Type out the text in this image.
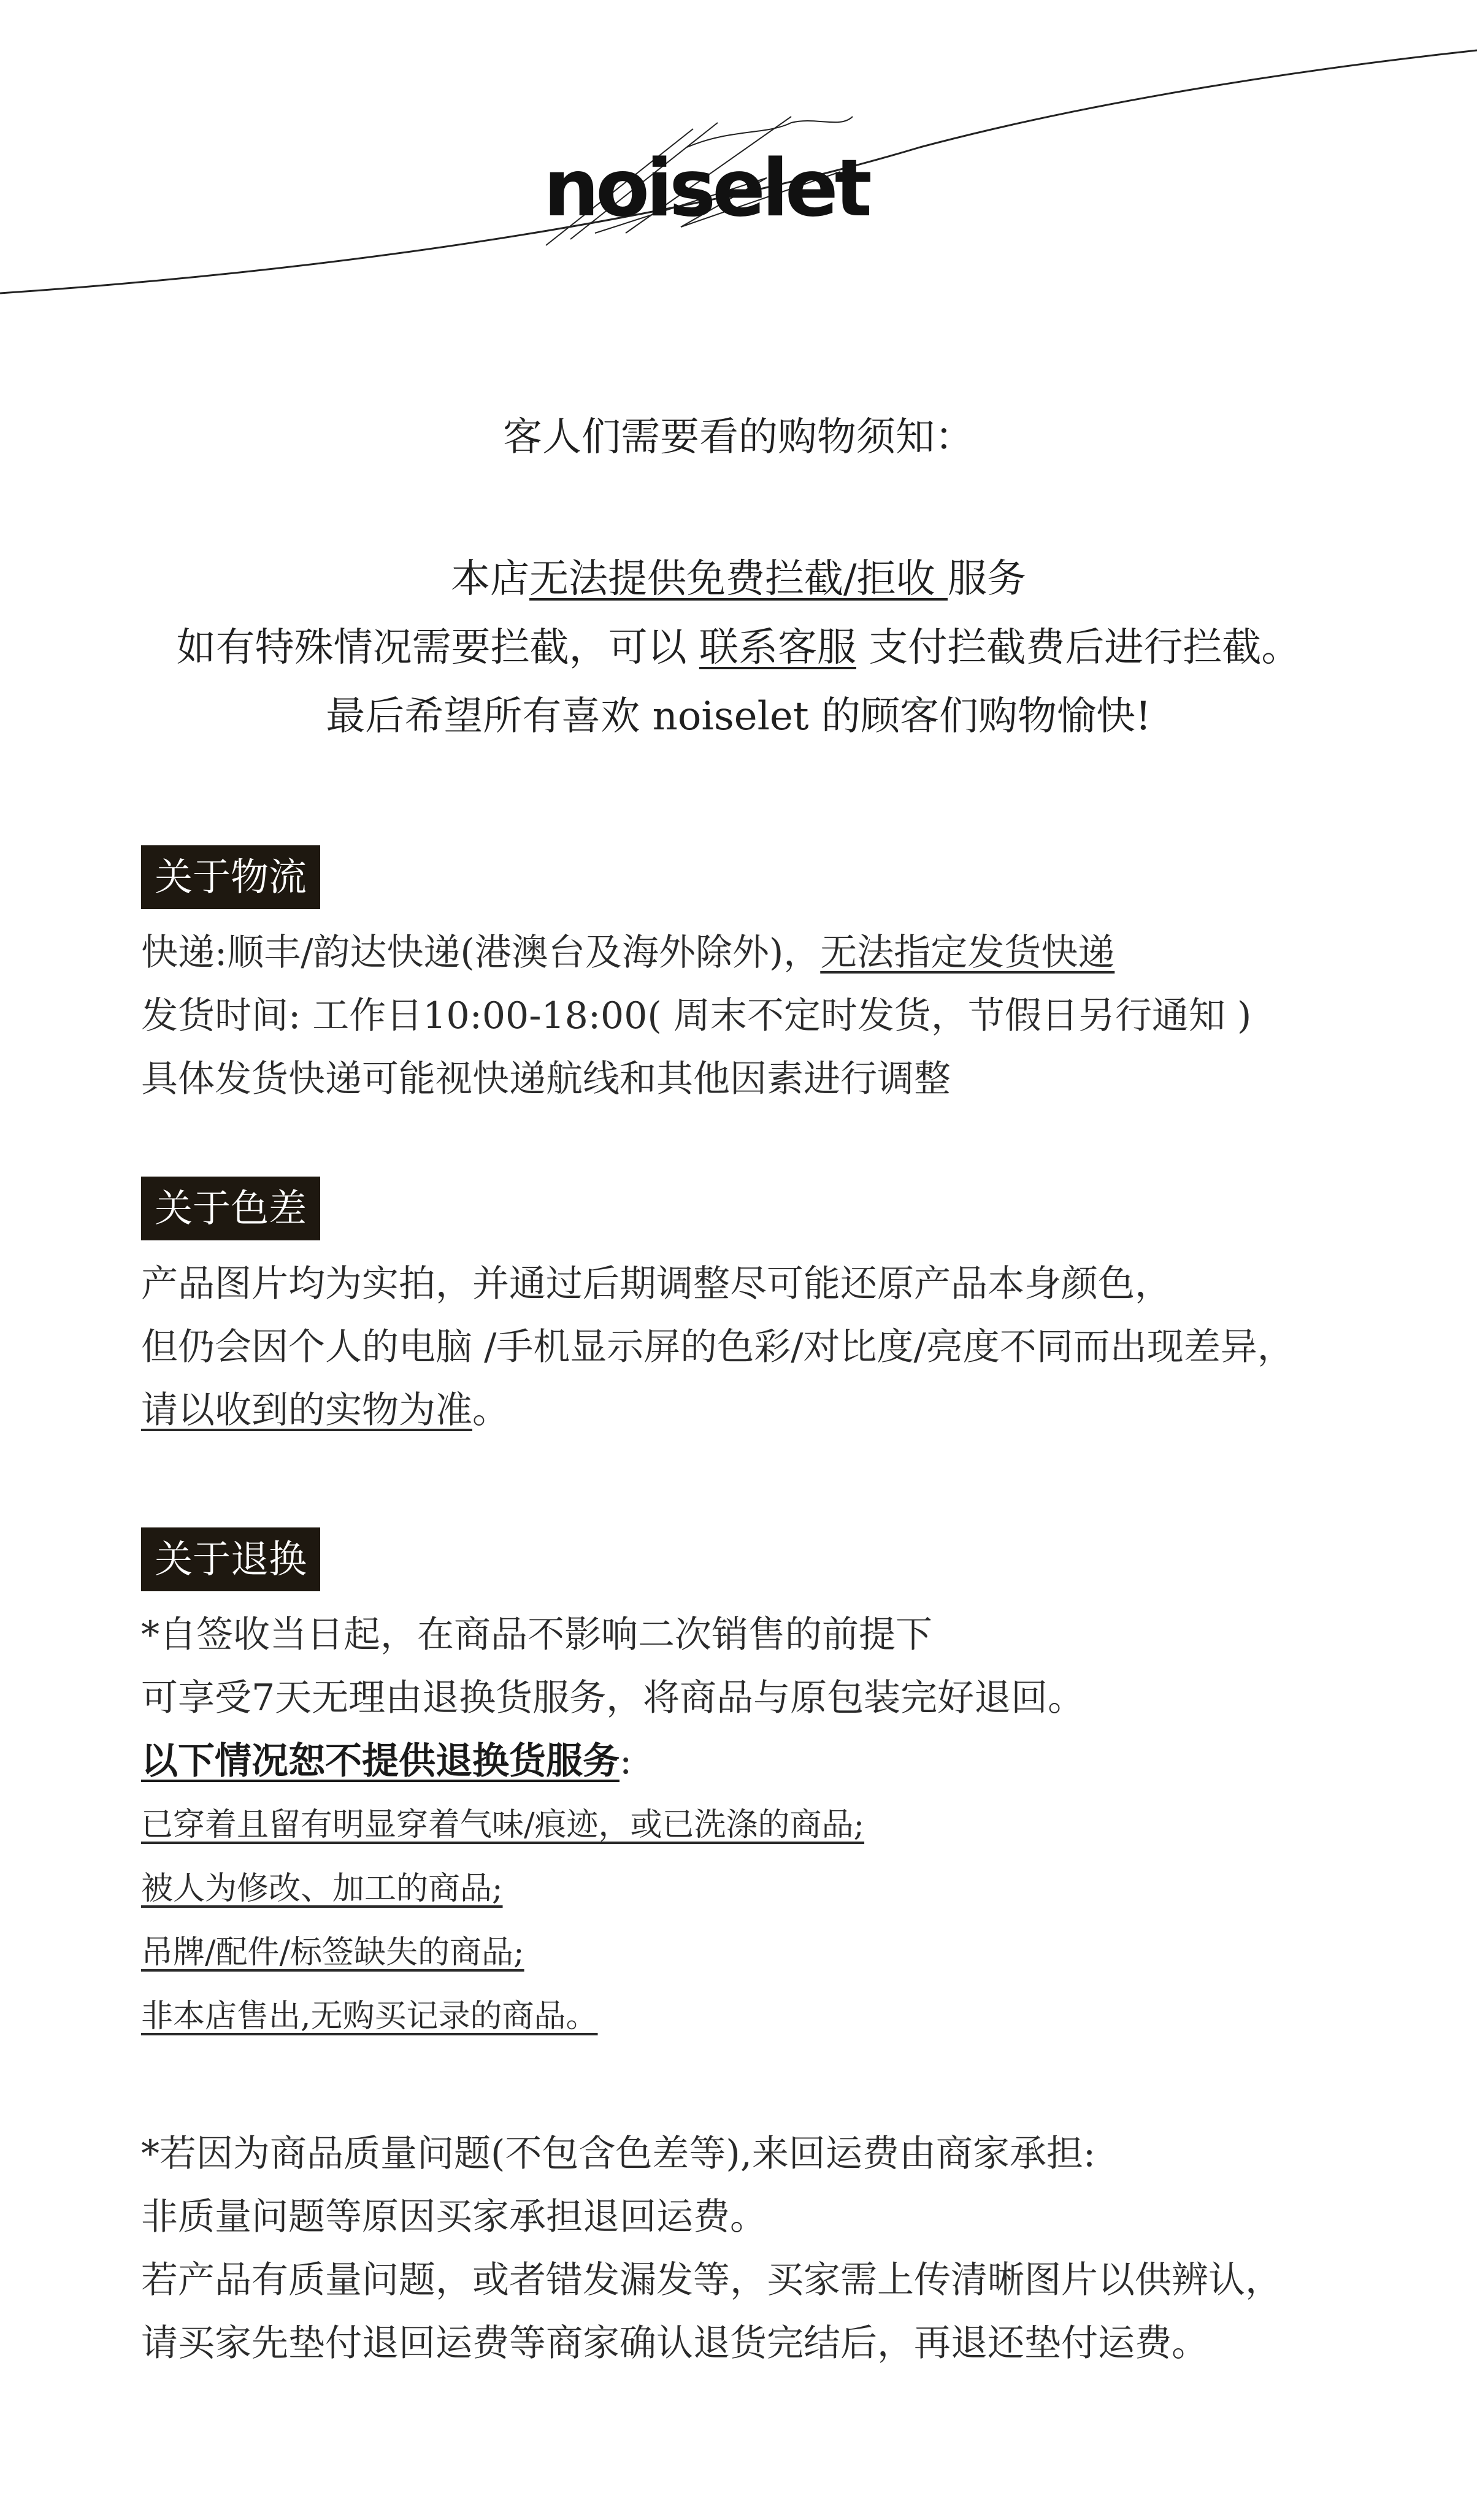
noiselet
客人们需要看的购物须知：
本店无法提供免费拦截/拒收 服务
如有特殊情况需要拦截，可以 联系客服 支付拦截费后进行拦截。
最后希望所有喜欢 noiselet 的顾客们购物愉快!
关于物流
快递:顺丰/韵达快递(港澳台及海外除外)，无法指定发货快递
发货时间: 工作日10:00-18:00( 周末不定时发货，节假日另行通知 )
具体发货快递可能视快递航线和其他因素进行调整
关于色差
产品图片均为实拍，并通过后期调整尽可能还原产品本身颜色，
但仍会因个人的电脑 /手机显示屏的色彩/对比度/亮度不同而出现差异，
请以收到的实物为准。
关于退换
*自签收当日起，在商品不影响二次销售的前提下
可享受7天无理由退换货服务，将商品与原包装完好退回。
以下情况恕不提供退换货服务:
已穿着且留有明显穿着气味/痕迹，或已洗涤的商品;
被人为修改、加工的商品;
吊牌/配件/标签缺失的商品;
非本店售出,无购买记录的商品。
*若因为商品质量问题(不包含色差等),来回运费由商家承担:
非质量问题等原因买家承担退回运费。
若产品有质量问题，或者错发漏发等，买家需上传清晰图片以供辨认，
请买家先垫付退回运费等商家确认退货完结后，再退还垫付运费。
